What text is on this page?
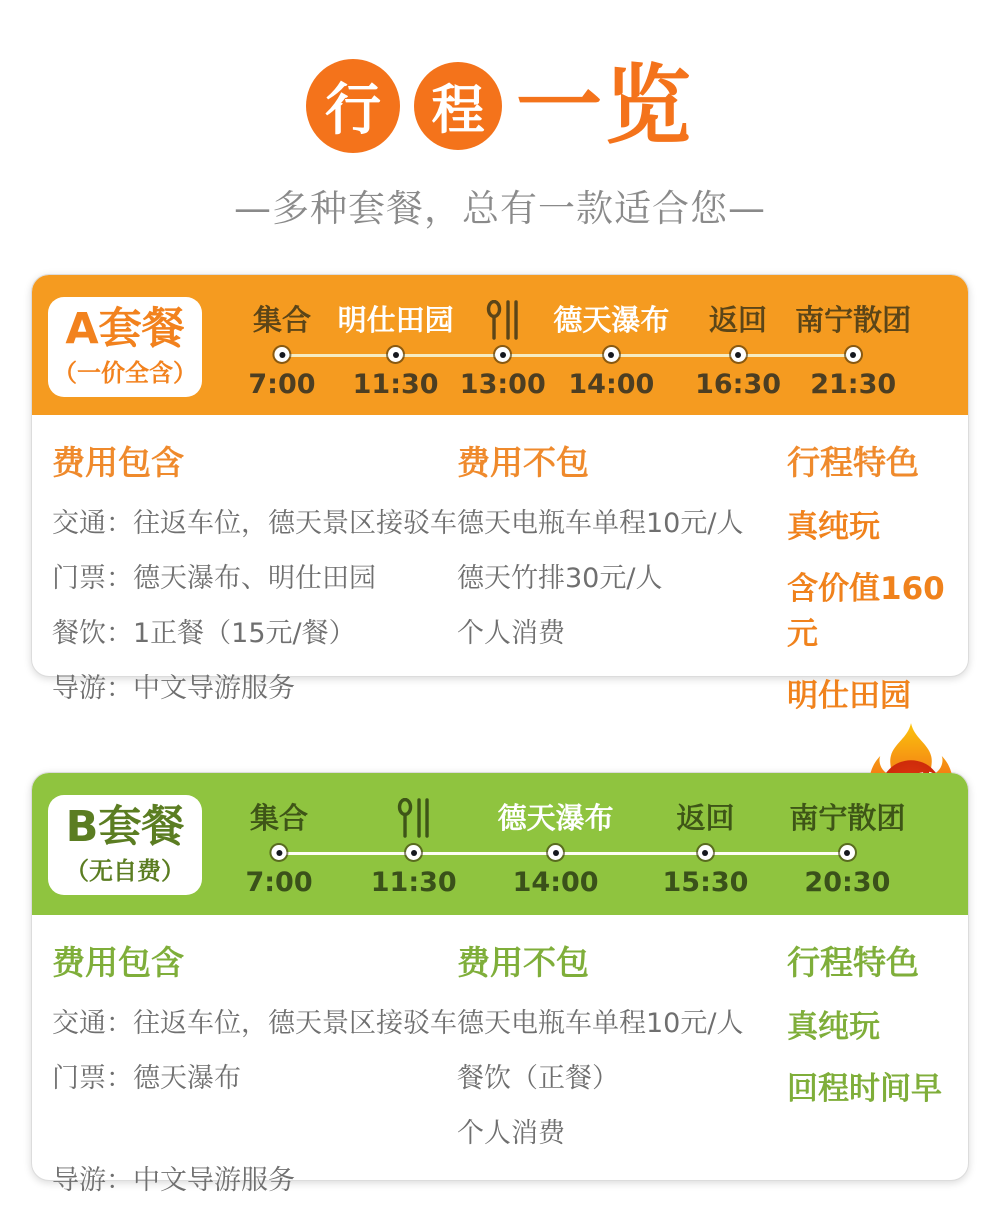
行 程 一览
—多种套餐，总有一款适合您—
A套餐
（一价全含）
集合
7:00
明仕田园
11:30 13:00
德天瀑布
14:00
返回
16:30
南宁散团
21:30
费用包含
交通：往返车位，德天景区接驳车
门票：德天瀑布、明仕田园
餐饮：1正餐（15元/餐）
导游：中文导游服务
费用不包
德天电瓶车单程10元/人
德天竹排30元/人
个人消费
行程特色
真纯玩
含价值160元
明仕田园
B套餐
（无自费）
集合
7:00 11:30
德天瀑布
14:00
返回
15:30
南宁散团
20:30
费用包含
交通：往返车位，德天景区接驳车
门票：德天瀑布
导游：中文导游服务
费用不包
德天电瓶车单程10元/人
餐饮（正餐）
个人消费
行程特色
真纯玩
回程时间早
